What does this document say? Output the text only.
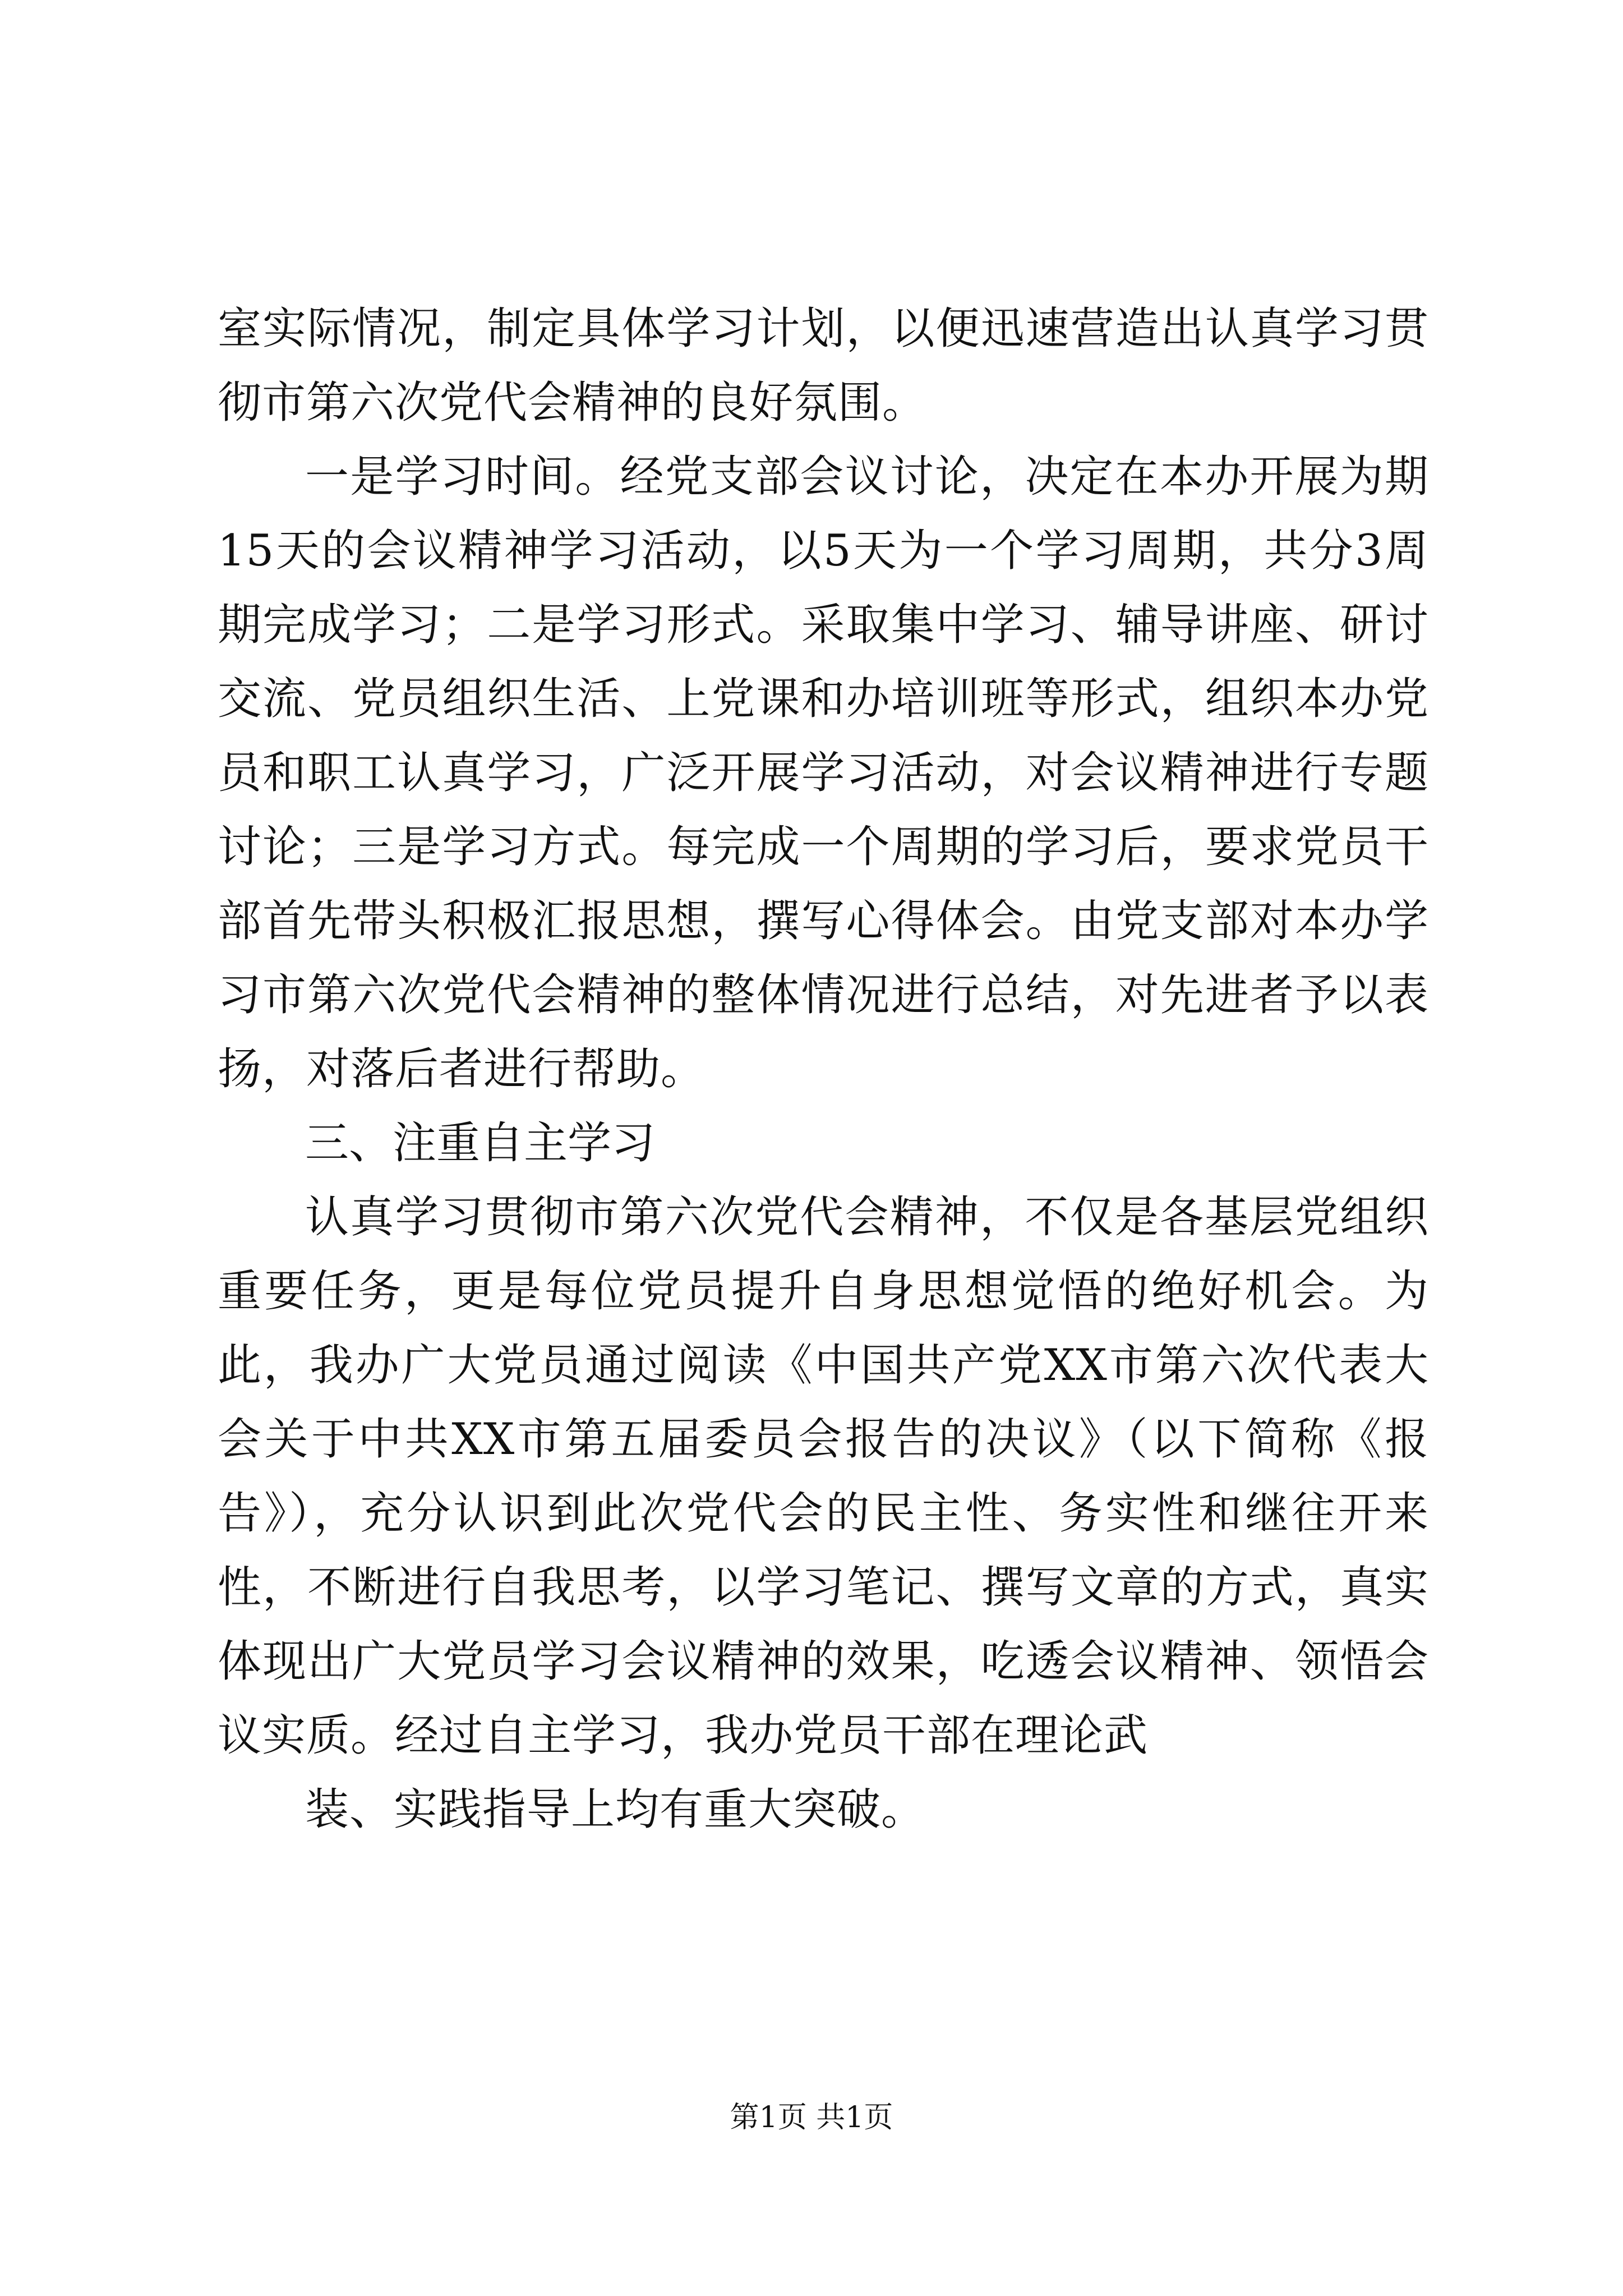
室实际情况，制定具体学习计划，以便迅速营造出认真学习贯彻市第六次党代会精神的良好氛围。

一是学习时间。经党支部会议讨论，决定在本办开展为期15天的会议精神学习活动，以5天为一个学习周期，共分3周期完成学习；二是学习形式。采取集中学习、辅导讲座、研讨交流、党员组织生活、上党课和办培训班等形式，组织本办党员和职工认真学习，广泛开展学习活动，对会议精神进行专题讨论；三是学习方式。每完成一个周期的学习后，要求党员干部首先带头积极汇报思想，撰写心得体会。由党支部对本办学习市第六次党代会精神的整体情况进行总结，对先进者予以表扬，对落后者进行帮助。

三、注重自主学习

认真学习贯彻市第六次党代会精神，不仅是各基层党组织重要任务，更是每位党员提升自身思想觉悟的绝好机会。为此，我办广大党员通过阅读《中国共产党XX市第六次代表大会关于中共XX市第五届委员会报告的决议》（以下简称《报告》），充分认识到此次党代会的民主性、务实性和继往开来性，不断进行自我思考，以学习笔记、撰写文章的方式，真实体现出广大党员学习会议精神的效果，吃透会议精神、领悟会议实质。经过自主学习，我办党员干部在理论武

装、实践指导上均有重大突破。

第1页 共1页
